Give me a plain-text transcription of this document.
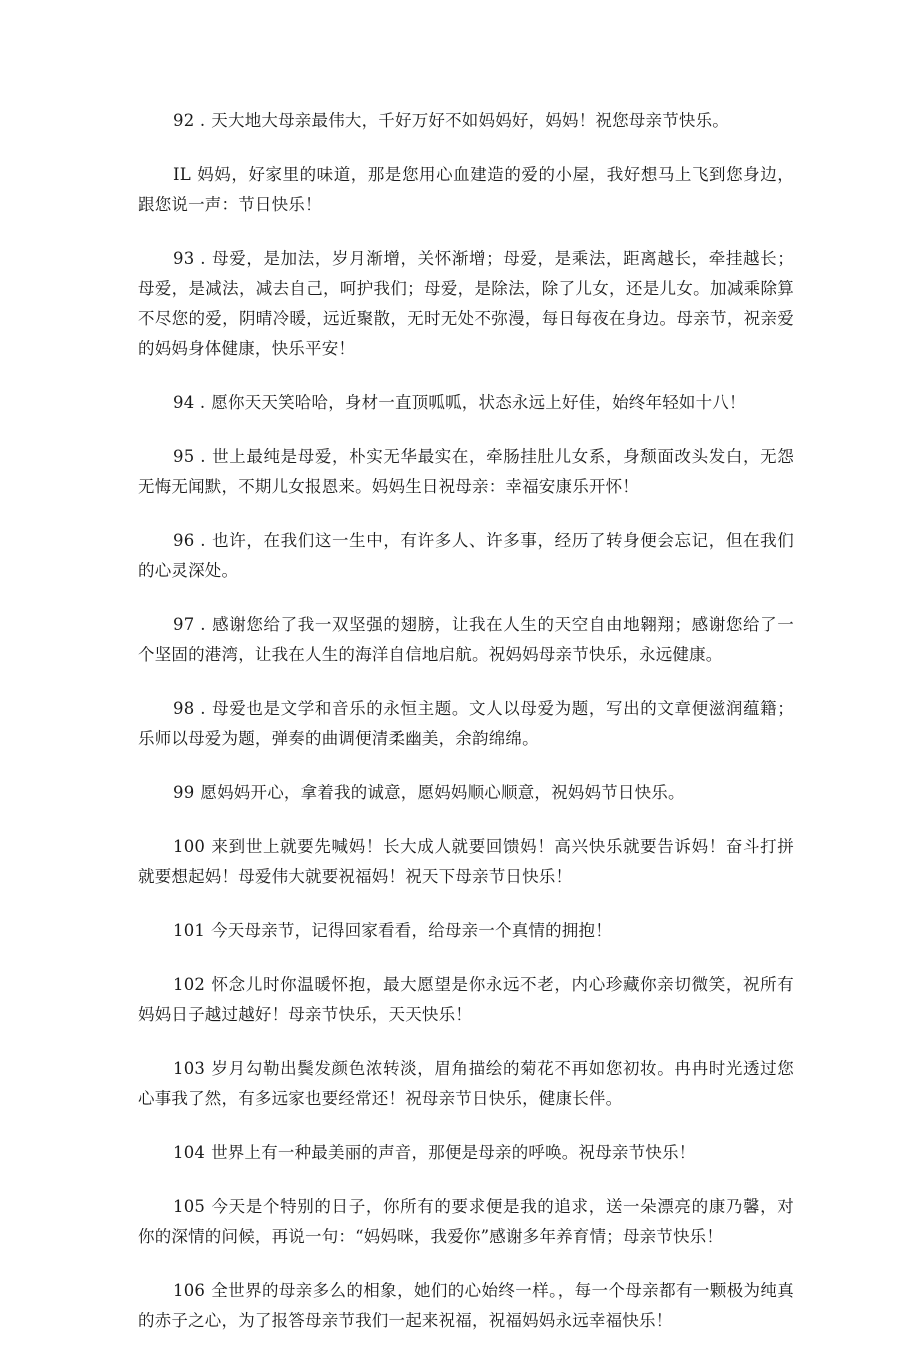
92 . 天大地大母亲最伟大，千好万好不如妈妈好，妈妈！祝您母亲节快乐。

IL 妈妈，好家里的味道，那是您用心血建造的爱的小屋，我好想马上飞到您身边，跟您说一声：节日快乐！

93 . 母爱，是加法，岁月渐增，关怀渐增；母爱，是乘法，距离越长，牵挂越长；母爱，是减法，减去自己，呵护我们；母爱，是除法，除了儿女，还是儿女。加减乘除算不尽您的爱，阴晴冷暖，远近聚散，无时无处不弥漫，每日每夜在身边。母亲节，祝亲爱的妈妈身体健康，快乐平安！

94 . 愿你天天笑哈哈，身材一直顶呱呱，状态永远上好佳，始终年轻如十八！

95 . 世上最纯是母爱，朴实无华最实在，牵肠挂肚儿女系，身颓面改头发白，无怨无悔无闻默，不期儿女报恩来。妈妈生日祝母亲：幸福安康乐开怀！

96 . 也许，在我们这一生中，有许多人、许多事，经历了转身便会忘记，但在我们的心灵深处。

97 . 感谢您给了我一双坚强的翅膀，让我在人生的天空自由地翱翔；感谢您给了一个坚固的港湾，让我在人生的海洋自信地启航。祝妈妈母亲节快乐，永远健康。

98 . 母爱也是文学和音乐的永恒主题。文人以母爱为题，写出的文章便滋润蕴籍；乐师以母爱为题，弹奏的曲调便清柔幽美，余韵绵绵。

99 愿妈妈开心，拿着我的诚意，愿妈妈顺心顺意，祝妈妈节日快乐。

100 来到世上就要先喊妈！长大成人就要回馈妈！高兴快乐就要告诉妈！奋斗打拼就要想起妈！母爱伟大就要祝福妈！祝天下母亲节日快乐！

101 今天母亲节，记得回家看看，给母亲一个真情的拥抱！

102 怀念儿时你温暖怀抱，最大愿望是你永远不老，内心珍藏你亲切微笑，祝所有妈妈日子越过越好！母亲节快乐，天天快乐！

103 岁月勾勒出鬓发颜色浓转淡，眉角描绘的菊花不再如您初妆。冉冉时光透过您心事我了然，有多远家也要经常还！祝母亲节日快乐，健康长伴。

104 世界上有一种最美丽的声音，那便是母亲的呼唤。祝母亲节快乐！

105 今天是个特别的日子，你所有的要求便是我的追求，送一朵漂亮的康乃馨，对你的深情的问候，再说一句：“妈妈咪，我爱你”感谢多年养育情；母亲节快乐！

106 全世界的母亲多么的相象，她们的心始终一样。，每一个母亲都有一颗极为纯真的赤子之心，为了报答母亲节我们一起来祝福，祝福妈妈永远幸福快乐！
